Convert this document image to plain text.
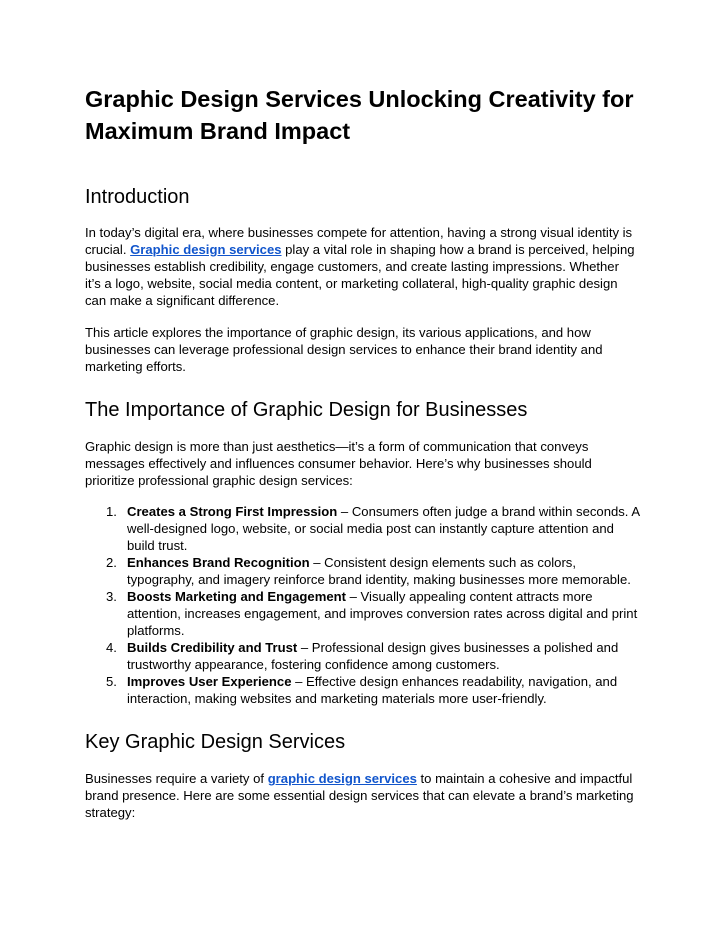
Graphic Design Services Unlocking Creativity for Maximum Brand Impact
Introduction

In today’s digital era, where businesses compete for attention, having a strong visual identity is crucial. Graphic design services play a vital role in shaping how a brand is perceived, helping businesses establish credibility, engage customers, and create lasting impressions. Whether it’s a logo, website, social media content, or marketing collateral, high-quality graphic design can make a significant difference.

This article explores the importance of graphic design, its various applications, and how businesses can leverage professional design services to enhance their brand identity and marketing efforts.

The Importance of Graphic Design for Businesses

Graphic design is more than just aesthetics—it’s a form of communication that conveys messages effectively and influences consumer behavior. Here’s why businesses should prioritize professional graphic design services:

1. Creates a Strong First Impression – Consumers often judge a brand within seconds. A well-designed logo, website, or social media post can instantly capture attention and build trust.
2. Enhances Brand Recognition – Consistent design elements such as colors, typography, and imagery reinforce brand identity, making businesses more memorable.
3. Boosts Marketing and Engagement – Visually appealing content attracts more attention, increases engagement, and improves conversion rates across digital and print platforms.
4. Builds Credibility and Trust – Professional design gives businesses a polished and trustworthy appearance, fostering confidence among customers.
5. Improves User Experience – Effective design enhances readability, navigation, and interaction, making websites and marketing materials more user-friendly.
Key Graphic Design Services

Businesses require a variety of graphic design services to maintain a cohesive and impactful brand presence. Here are some essential design services that can elevate a brand’s marketing strategy:
